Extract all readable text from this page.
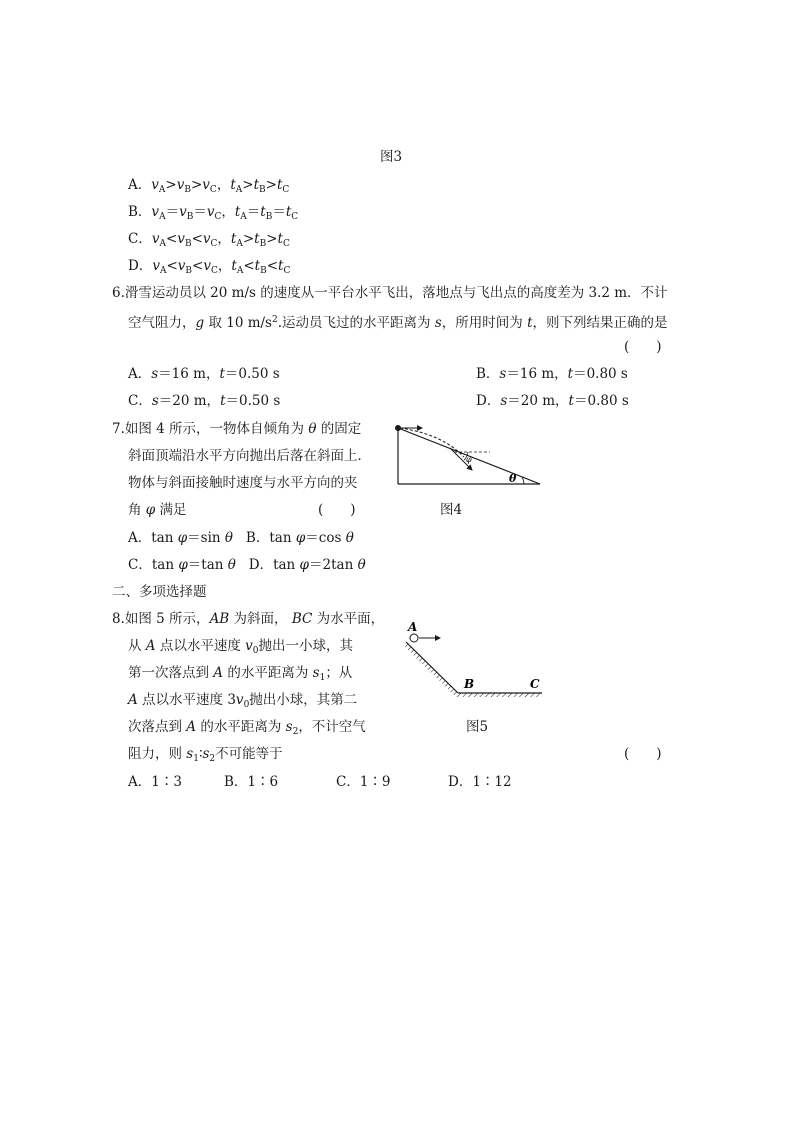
图3
A．$v_A>v_B>v_C$，$t_A>t_B>t_C$
B．$v_A=v_B=v_C$，$t_A=t_B=t_C$
C．$v_A<v_B<v_C$，$t_A>t_B>t_C$
D．$v_A<v_B<v_C$，$t_A<t_B<t_C$
6.滑雪运动员以 20 m/s 的速度从一平台水平飞出，落地点与飞出点的高度差为 3.2 m．不计
空气阻力，g 取 10 $m/s^2$.运动员飞过的水平距离为 s，所用时间为 t，则下列结果正确的是
(　　)
A．s＝16 m，t＝0.50 s	B．s＝16 m，t＝0.80 s
C．s＝20 m，t＝0.50 s	D．s＝20 m，t＝0.80 s
7.如图 4 所示，一物体自倾角为 θ 的固定
斜面顶端沿水平方向抛出后落在斜面上．
物体与斜面接触时速度与水平方向的夹
角 φ 满足	(　　)
φ
θ
图4
A．tan φ＝sin θ B．tan φ＝cos θ
C．tan φ＝tan θ D．tan φ＝2tan θ
二、多项选择题
8.如图 5 所示，AB 为斜面， BC 为水平面，
从 A 点以水平速度 $v_0$抛出一小球，其
第一次落点到 A 的水平距离为 $s_1$；从
A 点以水平速度 $3v_0$抛出小球，其第二
次落点到 A 的水平距离为 $s_2$，不计空气
阻力，则 $s_1∶s_2$不可能等于	(　　)
A
B	C
图5
A．1∶3	B．1∶6	C．1∶9	D．1∶12
